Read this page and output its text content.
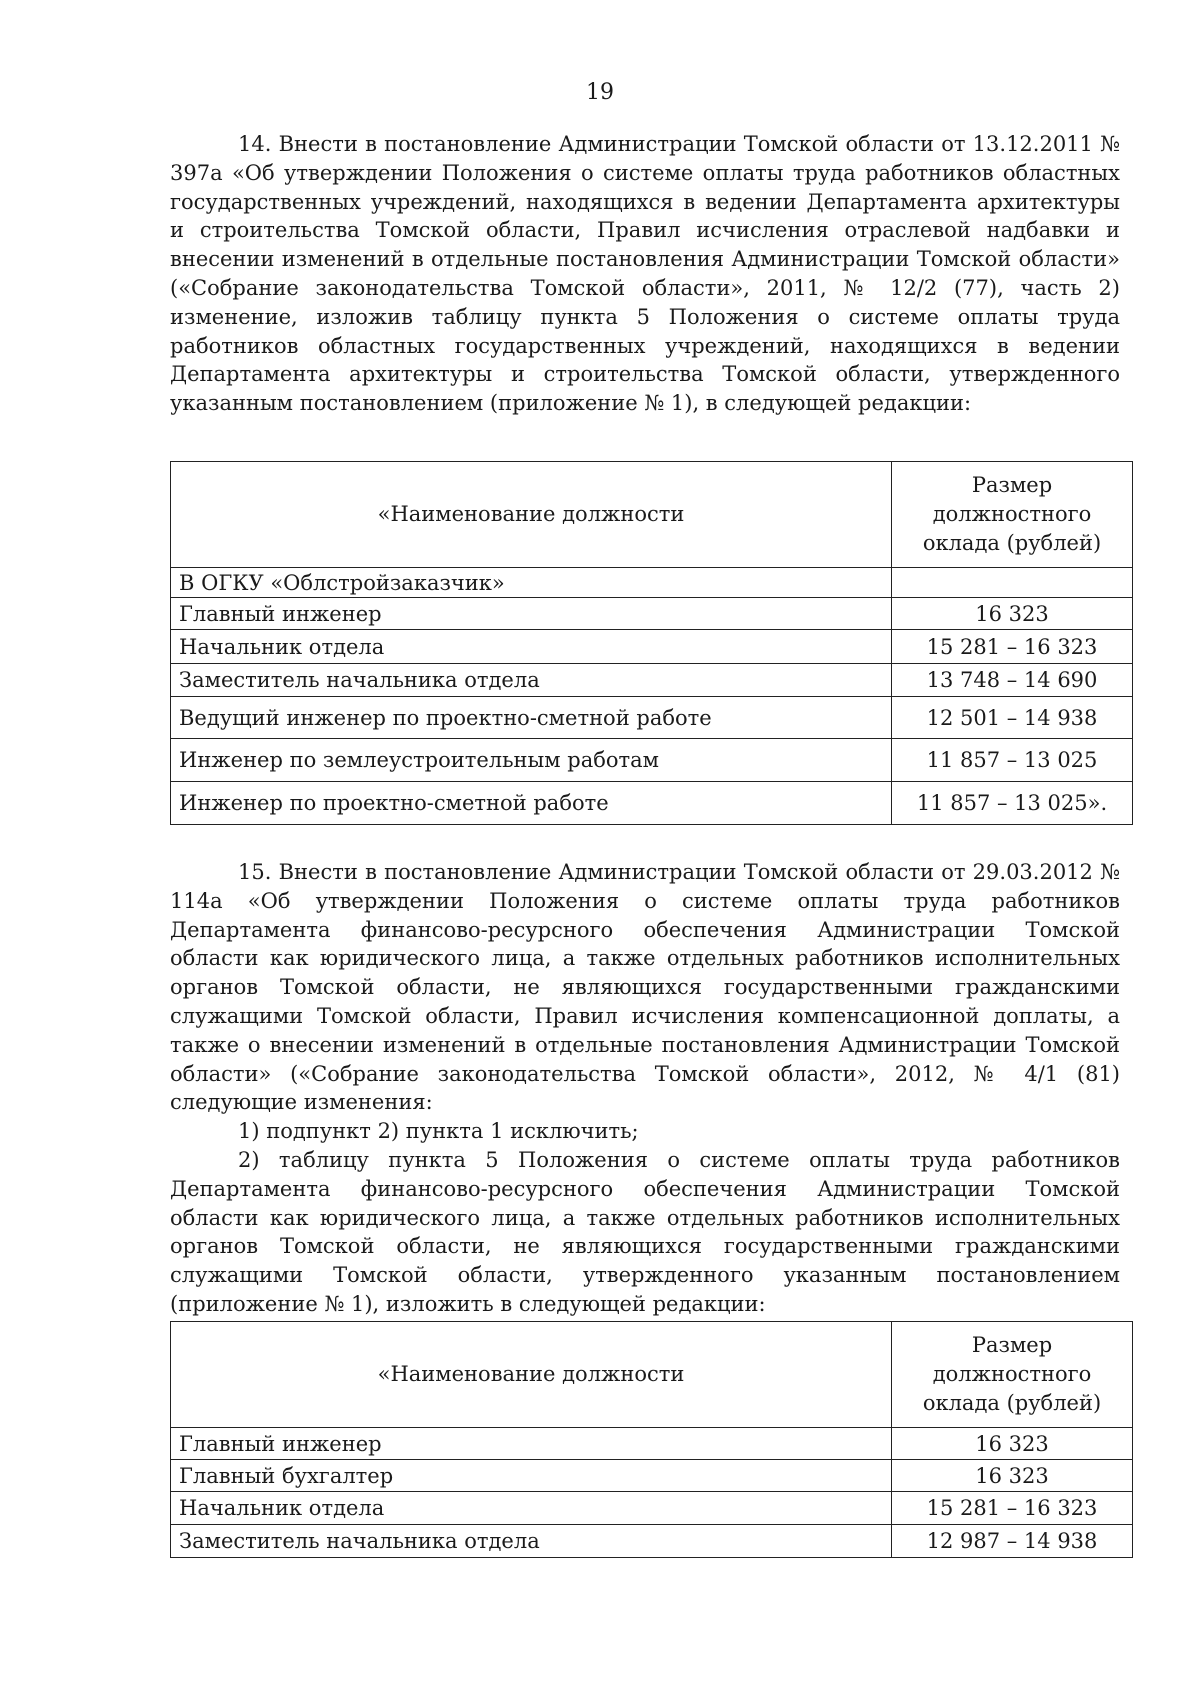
19

14. Внести в постановление Администрации Томской области от 13.12.2011 № 397а «Об утверждении Положения о системе оплаты труда работников областных государственных учреждений, находящихся в ведении Департамента архитектуры и строительства Томской области, Правил исчисления отраслевой надбавки и внесении изменений в отдельные постановления Администрации Томской области» («Собрание законодательства Томской области», 2011, № 12/2 (77), часть 2) изменение, изложив таблицу пункта 5 Положения о системе оплаты труда работников областных государственных учреждений, находящихся в ведении Департамента архитектуры и строительства Томской области, утвержденного указанным постановлением (приложение № 1), в следующей редакции:

«Наименование должности	Размер
должностного
оклада (рублей)

В ОГКУ «Облстройзаказчик»	
Главный инженер	16 323
Начальник отдела	15 281 – 16 323
Заместитель начальника отдела	13 748 – 14 690
Ведущий инженер по проектно-сметной работе	12 501 – 14 938
Инженер по землеустроительным работам	11 857 – 13 025
Инженер по проектно-сметной работе	11 857 – 13 025».

15. Внести в постановление Администрации Томской области от 29.03.2012 № 114а «Об утверждении Положения о системе оплаты труда работников Департамента финансово-ресурсного обеспечения Администрации Томской области как юридического лица, а также отдельных работников исполнительных органов Томской области, не являющихся государственными гражданскими служащими Томской области, Правил исчисления компенсационной доплаты, а также о внесении изменений в отдельные постановления Администрации Томской области» («Собрание законодательства Томской области», 2012, № 4/1 (81) следующие изменения:

1) подпункт 2) пункта 1 исключить;

2) таблицу пункта 5 Положения о системе оплаты труда работников Департамента финансово-ресурсного обеспечения Администрации Томской области как юридического лица, а также отдельных работников исполнительных органов Томской области, не являющихся государственными гражданскими служащими Томской области, утвержденного указанным постановлением (приложение № 1), изложить в следующей редакции:

«Наименование должности	Размер
должностного
оклада (рублей)

Главный инженер	16 323
Главный бухгалтер	16 323
Начальник отдела	15 281 – 16 323
Заместитель начальника отдела	12 987 – 14 938
